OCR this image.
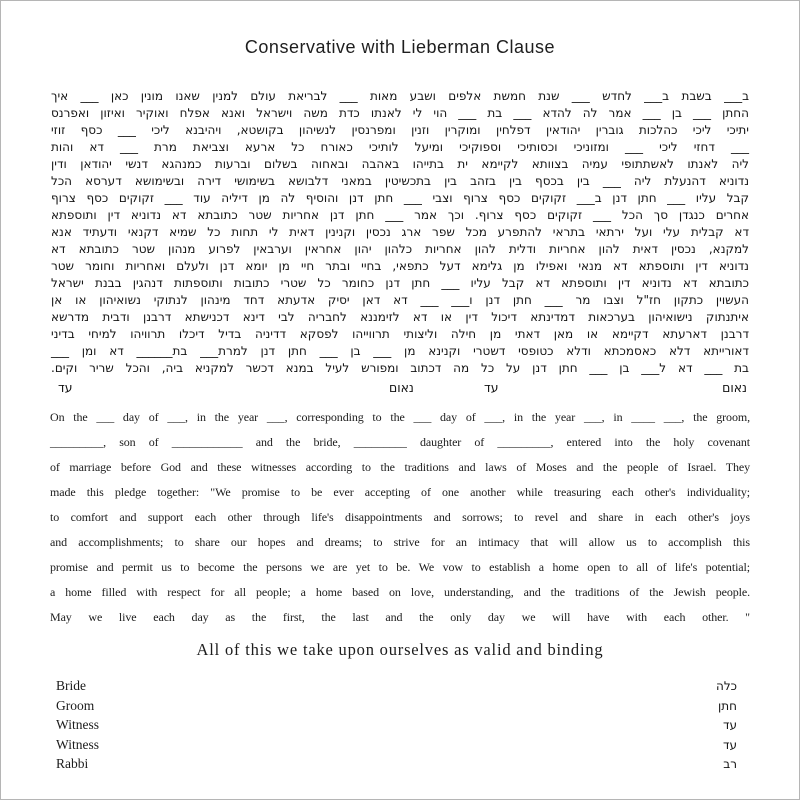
Conservative with Lieberman Clause
ב___ בשבת ב___ לחדש ___ שנת חמשת אלפים ושבע מאות ___ לבריאת עולם למנין שאנו מונין כאן ___ איך
החתן ___ בן ___ אמר לה להדא ___ בת ___ הוי לי לאנתו כדת משה וישראל ואנא אפלח ואוקיר ואיזון ואפרנס
יתיכי ליכי כהלכות גוברין יהודאין דפלחין ומוקרין וזנין ומפרנסין לנשיהון בקושטא, ויהיבנא ליכי ___ כסף זוזי
___ דחזי ליכי ___ ומזוניכי וכסותיכי וספוקיכי ומיעל לותיכי כאורח כל ארעא וצביאת מרת ___ דא והות
ליה לאנתו לאשתתופי עמיה בצוותא לקיימא ית בתייהו באהבה ובאחוה בשלום וברעות כמנהגא דנשי יהודאן ודין
נדוניא דהנעלת ליה ___ בין בכסף בין בזהב בין בתכשיטין במאני דלבושא בשימושי דירה ובשימושא דערסא הכל
קבל עליו ___ חתן דנן ב___ זקוקים כסף צרוף וצבי ___ חתן דנן והוסיף לה מן דיליה עוד ___ זקוקים כסף צרוף
אחרים כנגדן סך הכל ___ זקוקים כסף צרוף. וכך אמר ___ חתן דנן אחריות שטר כתובתא דא נדוניא דין ותוספתא
דא קבלית עלי ועל ירתאי בתראי להתפרע מכל שפר ארג נכסין וקנינין דאית לי תחות כל שמיא דקנאי ודעתיד אנא
למקנא, נכסין דאית להון אחריות ודלית להון אחריות כלהון יהון אחראין וערבאין לפרוע מנהון שטר כתובתא דא
נדוניא דין ותוספתא דא מנאי ואפילו מן גלימא דעל כתפאי, בחיי ובתר חיי מן יומא דנן ולעלם ואחריות וחומר שטר
כתובתא דא נדוניא דין ותוספתא דא קבל עליו ___ חתן דנן כחומר כל שטרי כתובות ותוספתות דנהגין בבנת ישראל
העשוין כתקון חז"ל וצבו מר ___ חתן דנן ו___ ___ דא דאן יסיק אדעתא דחד מינהון לנתוקי נשואיהון או אן
איתנתוק נישואיהון בערכאות דמדינתא דיכול דין או דא לזימננא לחבריה לבי דינא דכנישתא דרבנן ודבית מדרשא
דרבנן דארעתא דקיימא או מאן דאתי מן חילה וליצותי תרווייהו לפסקא דדיניה בדיל דיכלו תרוויהו למיחי בדיני
דאורייתא דלא כאסמכתא ודלא כטופסי דשטרי וקנינא מן ___ בן ___ חתן דנן למרת___ בת______ דא ומן ___
בת ___ דא ל___ בן ___ חתן דנן על כל מה דכתוב ומפורש לעיל במנא דכשר למקניא ביה, והכל שריר וקים.
נאום
עד
נאום
עד
On the ___ day of ___, in the year ___, corresponding to the ___ day of ___, in the year ___, in ____ ___, the groom,
_________, son of ____________ and the bride, _________ daughter of _________, entered into the holy covenant
of marriage before God and these witnesses according to the traditions and laws of Moses and the people of Israel. They
made this pledge together: "We promise to be ever accepting of one another while treasuring each other's individuality;
to comfort and support each other through life's disappointments and sorrows; to revel and share in each other's joys
and accomplishments; to share our hopes and dreams; to strive for an intimacy that will allow us to accomplish this
promise and permit us to become the persons we are yet to be. We vow to establish a home open to all of life's potential;
a home filled with respect for all people; a home based on love, understanding, and the traditions of the Jewish people.
May we live each day as the first, the last and the only day we will have with each other. "
All of this we take upon ourselves as valid and binding
Bride	כלה
Groom	חתן
Witness	עד
Witness	עד
Rabbi	רב
